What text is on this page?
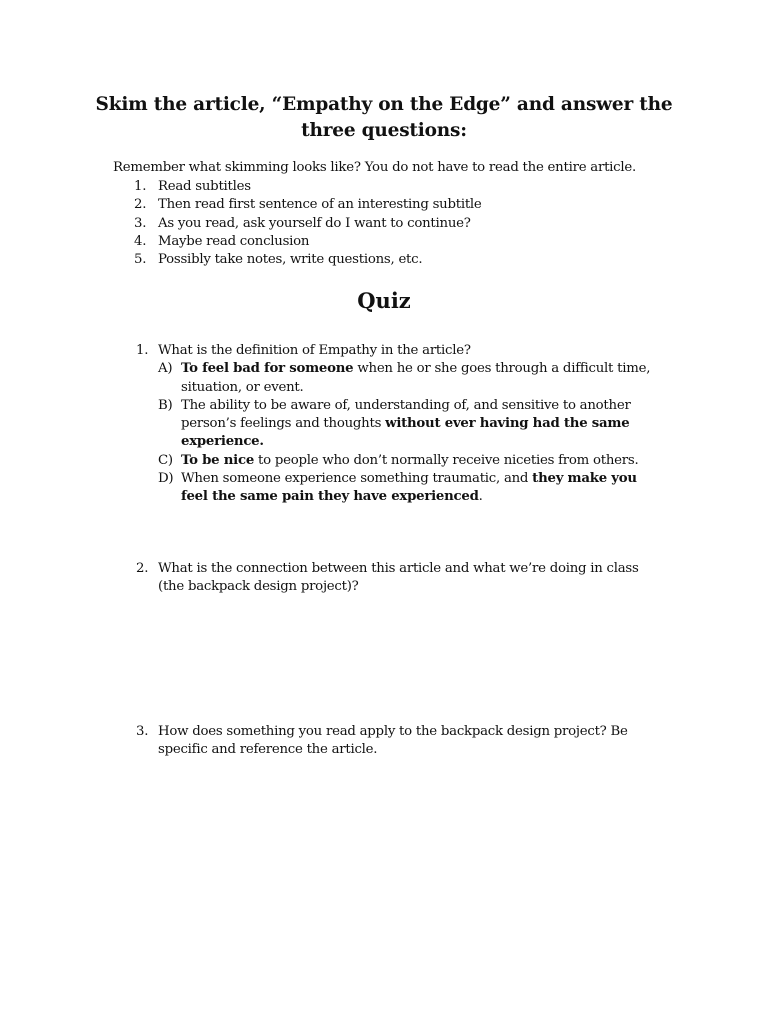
Skim the article, “Empathy on the Edge” and answer the three questions:
Remember what skimming looks like? You do not have to read the entire article.
1. Read subtitles
2. Then read first sentence of an interesting subtitle
3. As you read, ask yourself do I want to continue?
4. Maybe read conclusion
5. Possibly take notes, write questions, etc.
Quiz
1. What is the definition of Empathy in the article?
A) To feel bad for someone when he or she goes through a difficult time, situation, or event.
B) The ability to be aware of, understanding of, and sensitive to another person’s feelings and thoughts without ever having had the same experience.
C) To be nice to people who don’t normally receive niceties from others.
D) When someone experience something traumatic, and they make you feel the same pain they have experienced.
2. What is the connection between this article and what we’re doing in class (the backpack design project)?
3. How does something you read apply to the backpack design project? Be specific and reference the article.
